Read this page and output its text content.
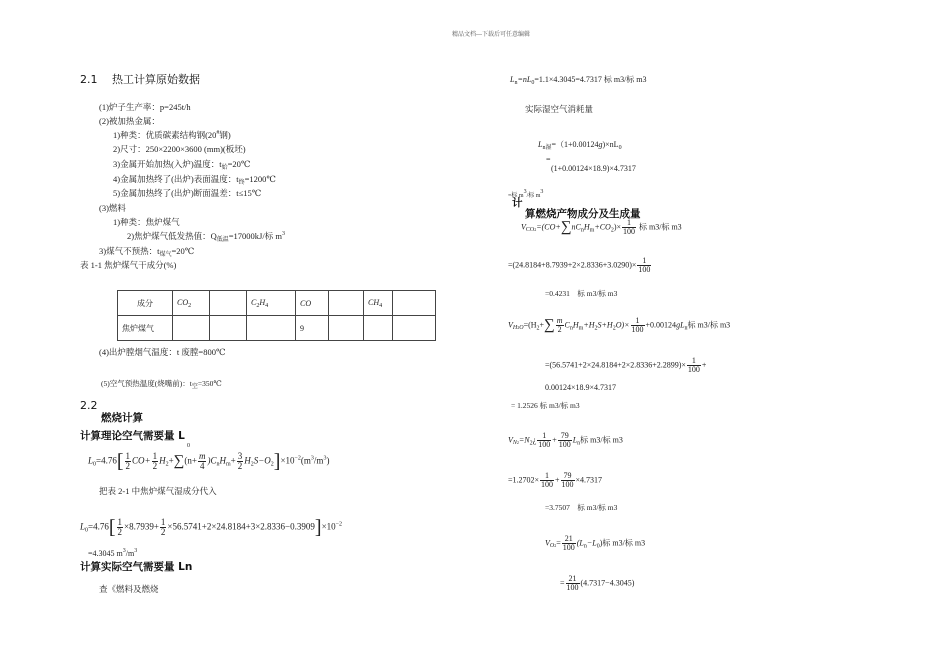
精品文档---下载后可任意编辑
2.1　 热工计算原始数据
(1)炉子生产率：p=245t/h
(2)被加热金属：
1)种类：优质碳素结构钢(20#钢)
2)尺寸：250×2200×3600 (mm)(板坯)
3)金属开始加热(入炉)温度：$t_始=20℃$
4)金属加热终了(出炉)表面温度：$t_终=1200℃$
5)金属加热终了(出炉)断面温差：t≤15℃
(3)燃料
1)种类：焦炉煤气
2)焦炉煤气低发热值：$Q_{低温}=17000kJ/$标 $m^3$
3)煤气不预热：$t_{煤气}=20℃$
表 1-1 焦炉煤气干成分(%)
成分	$CO_2$		$C_2H_4$	CO		$CH_4$	
焦炉煤气				9			
(4)出炉膛烟气温度：t 废膛=800℃
(5)空气预热温度(烧嘴前)：$t_空=350℃$
2.2
燃烧计算
计算理论空气需要量 L
0
$L_0=4.76[ \frac{1}{2} CO+ \frac{1}{2} H_2+\sum(n+ \frac{m}{4} )C_nH_m+ \frac{3}{2} H_2S-O_2]\times 10^{-2}(m^3/m^3)$
把表 2-1 中焦炉煤气湿成分代入
$L_0=4.76[ \frac{1}{2} \times 8.7939+ \frac{1}{2} \times 56.5741+2\times 24.8184+3\times 2.8336-0.3909]\times 10^{-2}$
=4.3045 $m^3/m^3$
计算实际空气需要量 Ln
查《燃料及燃烧
$L_n=nL_0=1.1\times 4.3045=4.7317$ 标 m3/标 m3
实际湿空气消耗量
$L_{n湿}=(1+0.00124g)\times nL_0$
=
(1+0.00124×18.9)×4.7317
=标 m3/标 m3
计
算燃烧产物成分及生成量
$V_{CO2}=(CO+\sum nC_nH_m+CO_2)\times \frac{1}{100}$ 标 m3/标 m3
$=(24.8184+8.7939+2\times 2.8336+3.0290)\times \frac{1}{100}$
=0.4231　 标 m3/标 m3
$V_{H2O}=(H_2+\sum \frac{m}{2} C_nH_m+H_2S+H_2O)\times \frac{1}{100} +0.00124gL_n$标 m3/标 m3
$=(56.5741+2\times 24.8184+2\times 2.8336+2.2899)\times \frac{1}{100}$ +
0.00124×18.9×4.7317
= 1.2526 标 m3/标 m3
$V_{N2}=N_2¿ \frac{1}{100} + \frac{79}{100} L_n$标 m3/标 m3
$=1.2702\times \frac{1}{100} + \frac{79}{100} \times 4.7317$
=3.7507　 标 m3/标 m3
$V_{O2}= \frac{21}{100} (L_n-L_0)$标 m3/标 m3
= $\frac{21}{100} (4.7317-4.3045)$
